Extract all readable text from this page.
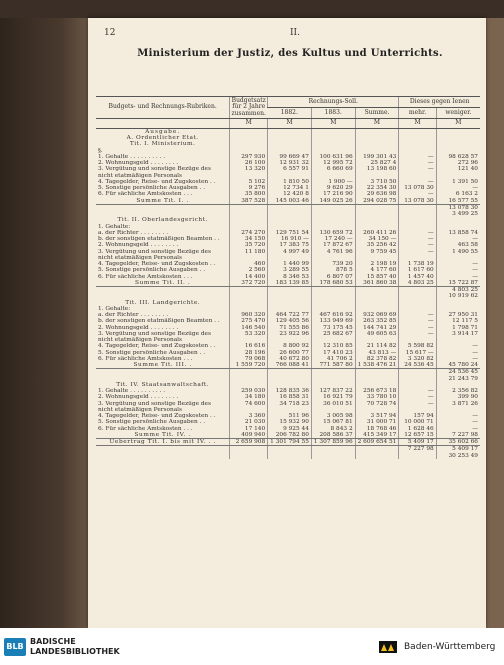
12	II.
Ministerium der Justiz, des Kultus und Unterrichts.
Budgets- und Rechnungs-Rubriken.	Budgetsatz für 2 Jahre zusammen.	Rechnungs-Soll.			Dieses gegen Ienen	
		1882.	1883.	Summe.	mehr.	weniger.
	M	M	M	M	M	M
Ausgabe.						
A. Ordentlicher Etat.						
Tit. I. Ministerium.						
§.						
1. Gehalte . . . . . . . . . .	297 930	99 669 47	100 631 96	199 301 43	—	98 628 57
2. Wohnungsgeld . . . . . . . .	26 100	12 931 32	12 995 72	25 827 4	—	272 96
3. Vergütung und sonstige Bezüge des nicht etatmäßigen Personals	13 320	6 557 91	6 660 69	13 198 60	—	121 40
4. Tagegelder, Reise- und Zugskosten . .	5 102	1 810 50	1 900 —	3 710 50	—	1 391 50
5. Sonstige persönliche Ausgaben . .	9 276	12 734 1	9 620 29	22 354 30	13 078 30	—
6. Für sächliche Amtskosten . . .	35 800	12 420 8	17 216 90	29 636 98	—	6 163 2
Summe Tit. I. .	387 528	145 003 46	149 025 26	294 028 75	13 078 30	16 577 55
						13 078 30
						3 499 25
Tit. II. Oberlandesgericht.						
1. Gehalte:						
a. der Richter . . . . . . . .	274 270	129 751 54	130 659 72	260 411 26	—	13 858 74
b. der sonstigen etatmäßigen Beamten . .	34 150	16 910 —	17 240 —	34 150 —	—	—
2. Wohnungsgeld . . . . . . . .	35 720	17 383 75	17 872 67	35 256 42	—	463 58
3. Vergütung und sonstige Bezüge des nicht etatmäßigen Personals	11 180	4 997 49	4 761 96	9 759 45	—	1 490 55
4. Tagegelder, Reise- und Zugskosten . .	460	1 440 99	739 20	2 198 19	1 738 19	—
5. Sonstige persönliche Ausgaben . .	2 560	3 289 55	878 5	4 177 60	1 617 60	—
6. Für sächliche Amtskosten . . .	14 400	8 346 53	6 807 07	15 857 40	1 457 40	—
Summe Tit. II. .	372 720	183 139 85	178 680 53	361 860 38	4 803 25	15 722 87
						4 803 25
						10 919 62
Tit. III. Landgerichte.						
1. Gehalte:						
a. der Richter . . . . . . . .	960 320	464 722 77	467 616 92	932 069 69	—	27 950 31
b. der sonstigen etatmäßigen Beamten . .	275 470	129 405 56	133 949 69	263 352 85	—	12 117 5
2. Wohnungsgeld . . . . . . . .	146 540	71 555 86	73 175 45	144 741 29	—	1 798 71
3. Vergütung und sonstige Bezüge des nicht etatmäßigen Personals	53 320	23 922 96	25 682 67	49 605 63	—	3 914 17
4. Tagegelder, Reise- und Zugskosten . .	16 616	8 800 92	12 310 85	21 114 82	5 598 82	—
5. Sonstige persönliche Ausgaben . .	28 196	26 600 77	17 410 23	43 813 —	15 617 —	—
6. Für sächliche Amtskosten . . .	79 068	40 672 80	41 706 2	82 378 82	3 320 82	—
Summe Tit. III. .	1 559 720	766 088 41	771 587 80	1 538 476 21	24 536 45	45 780 24
						24 536 45
						21 243 79
Tit. IV. Staatsanwaltschaft.						
1. Gehalte . . . . . . . . . .	259 030	128 835 36	127 837 22	256 673 18	—	2 356 82
2. Wohnungsgeld . . . . . . . .	34 180	16 858 31	16 921 79	33 780 10	—	399 90
3. Vergütung und sonstige Bezüge des nicht etatmäßigen Personals	74 600	34 718 23	36 010 51	70 728 74	—	3 871 26
4. Tagegelder, Reise- und Zugskosten . .	3 360	511 96	3 005 98	3 517 94	157 94	—
5. Sonstige persönliche Ausgaben . .	21 030	15 932 90	15 067 81	31 000 71	10 000 71	—
6. Für sächliche Amtskosten . . .	17 140	9 925 44	8 843 2	18 768 46	1 628 46	—
Summe Tit. IV. .	409 940	206 782 80	208 586 37	415 349 17	12 657 15	7 227 98
Uebertrag Tit. I. bis mit IV. . .	2 659 908	1 301 794 55	1 307 859 96	2 609 654 51	5 409 17	35 602 66
					7 227 98	5 409 17
						30 253 49
BLB
BADISCHE
LANDESBIBLIOTHEK	Baden-Württemberg
